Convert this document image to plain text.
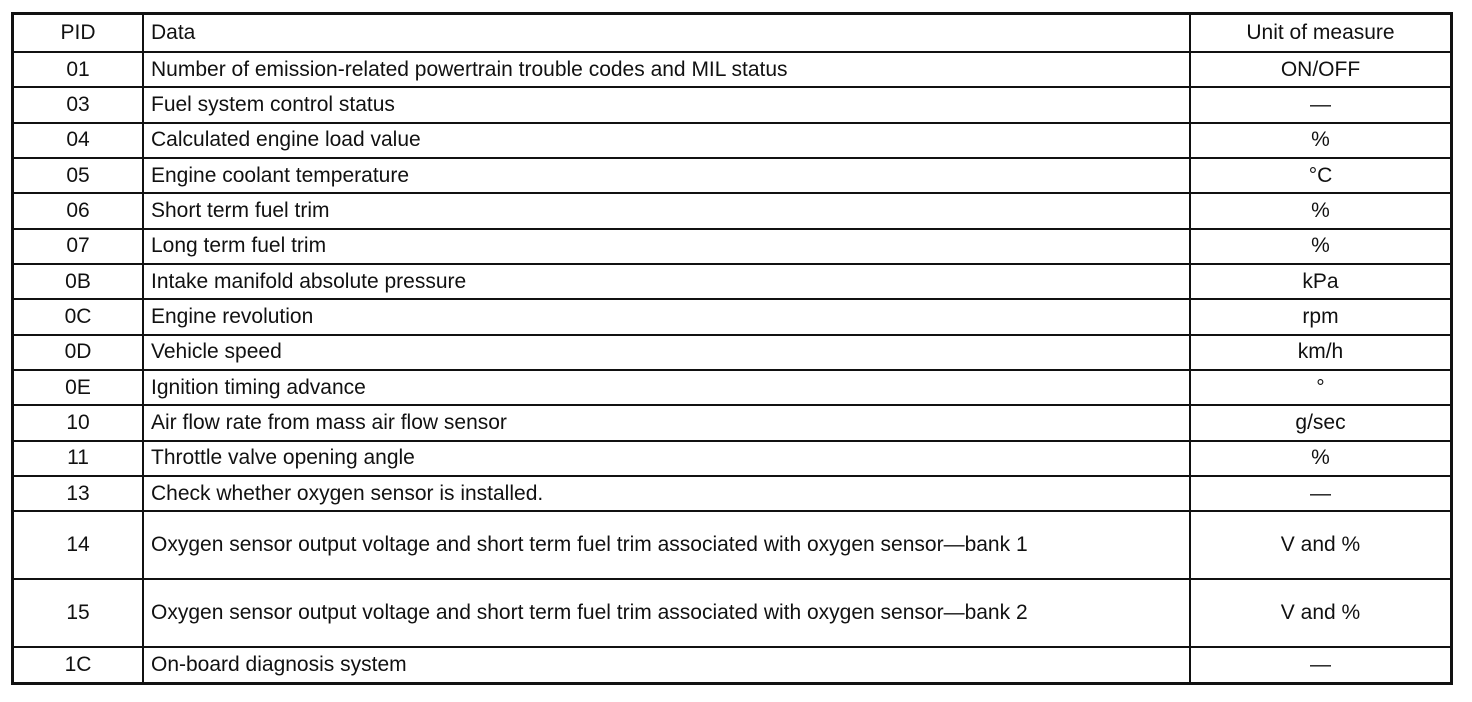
PID	Data	Unit of measure
01	Number of emission-related powertrain trouble codes and MIL status	ON/OFF
03	Fuel system control status	—
04	Calculated engine load value	%
05	Engine coolant temperature	°C
06	Short term fuel trim	%
07	Long term fuel trim	%
0B	Intake manifold absolute pressure	kPa
0C	Engine revolution	rpm
0D	Vehicle speed	km/h
0E	Ignition timing advance	°
10	Air flow rate from mass air flow sensor	g/sec
11	Throttle valve opening angle	%
13	Check whether oxygen sensor is installed.	—
14	Oxygen sensor output voltage and short term fuel trim associated with oxygen sensor—bank 1	V and %
15	Oxygen sensor output voltage and short term fuel trim associated with oxygen sensor—bank 2	V and %
1C	On-board diagnosis system	—
